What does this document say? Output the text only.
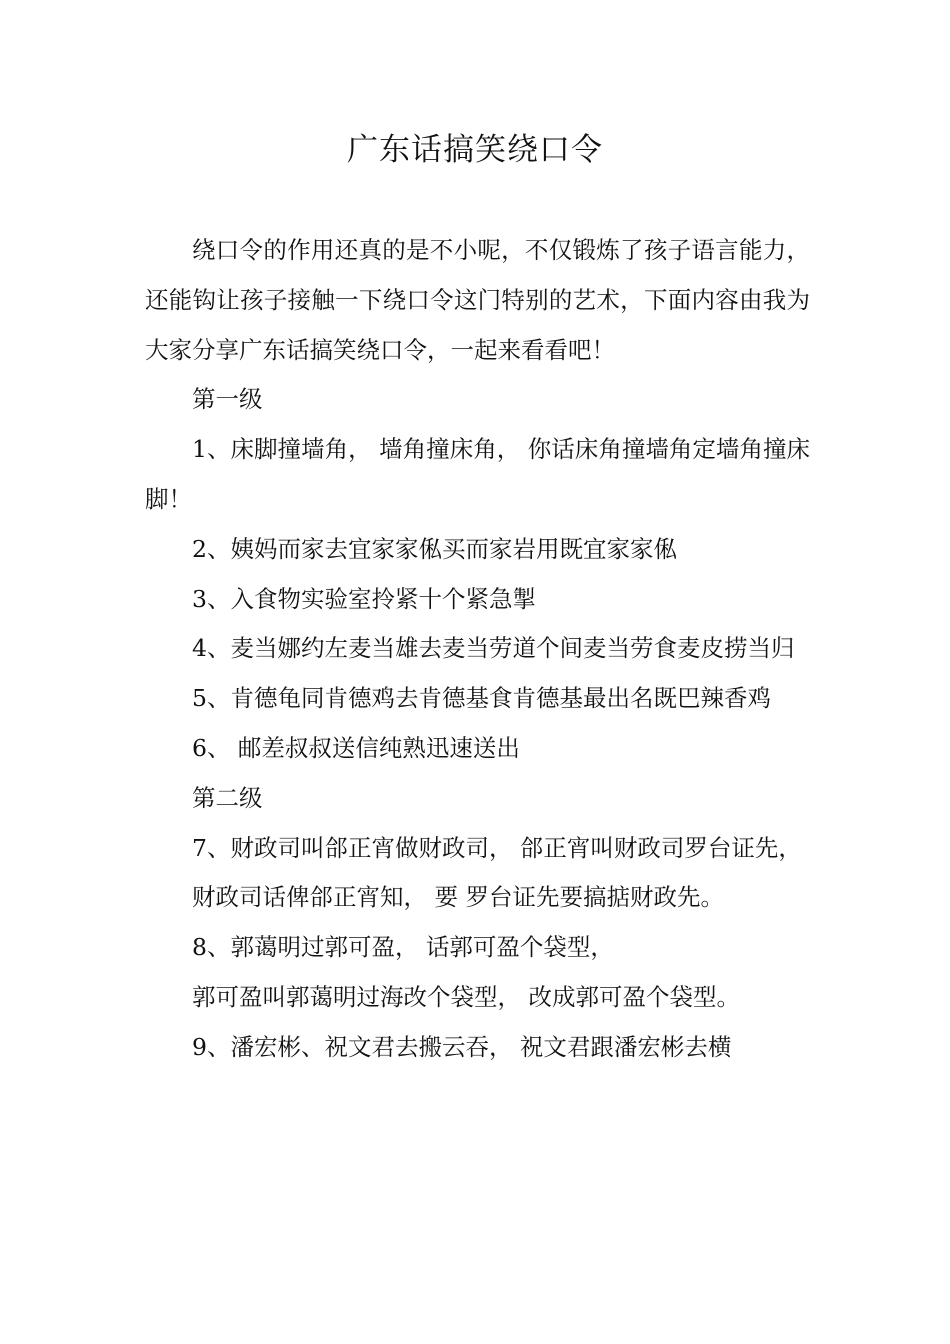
广东话搞笑绕口令

绕口令的作用还真的是不小呢，不仅锻炼了孩子语言能力，还能钩让孩子接触一下绕口令这门特别的艺术，下面内容由我为大家分享广东话搞笑绕口令，一起来看看吧！

第一级

1、床脚撞墙角， 墙角撞床角， 你话床角撞墙角定墙角撞床脚！

2、姨妈而家去宜家家俬买而家岩用既宜家家俬

3、入食物实验室拎紧十个紧急掣

4、麦当娜约左麦当雄去麦当劳道个间麦当劳食麦皮捞当归

5、肯德龟同肯德鸡去肯德基食肯德基最出名既巴辣香鸡

6、 邮差叔叔送信纯熟迅速送出

第二级

7、财政司叫郃正宵做财政司， 郃正宵叫财政司罗台证先，

财政司话俾郃正宵知， 要 罗台证先要搞掂财政先。

8、郭蔼明过郭可盈， 话郭可盈个袋型，

郭可盈叫郭蔼明过海改个袋型， 改成郭可盈个袋型。

9、潘宏彬、祝文君去搬云吞， 祝文君跟潘宏彬去横
